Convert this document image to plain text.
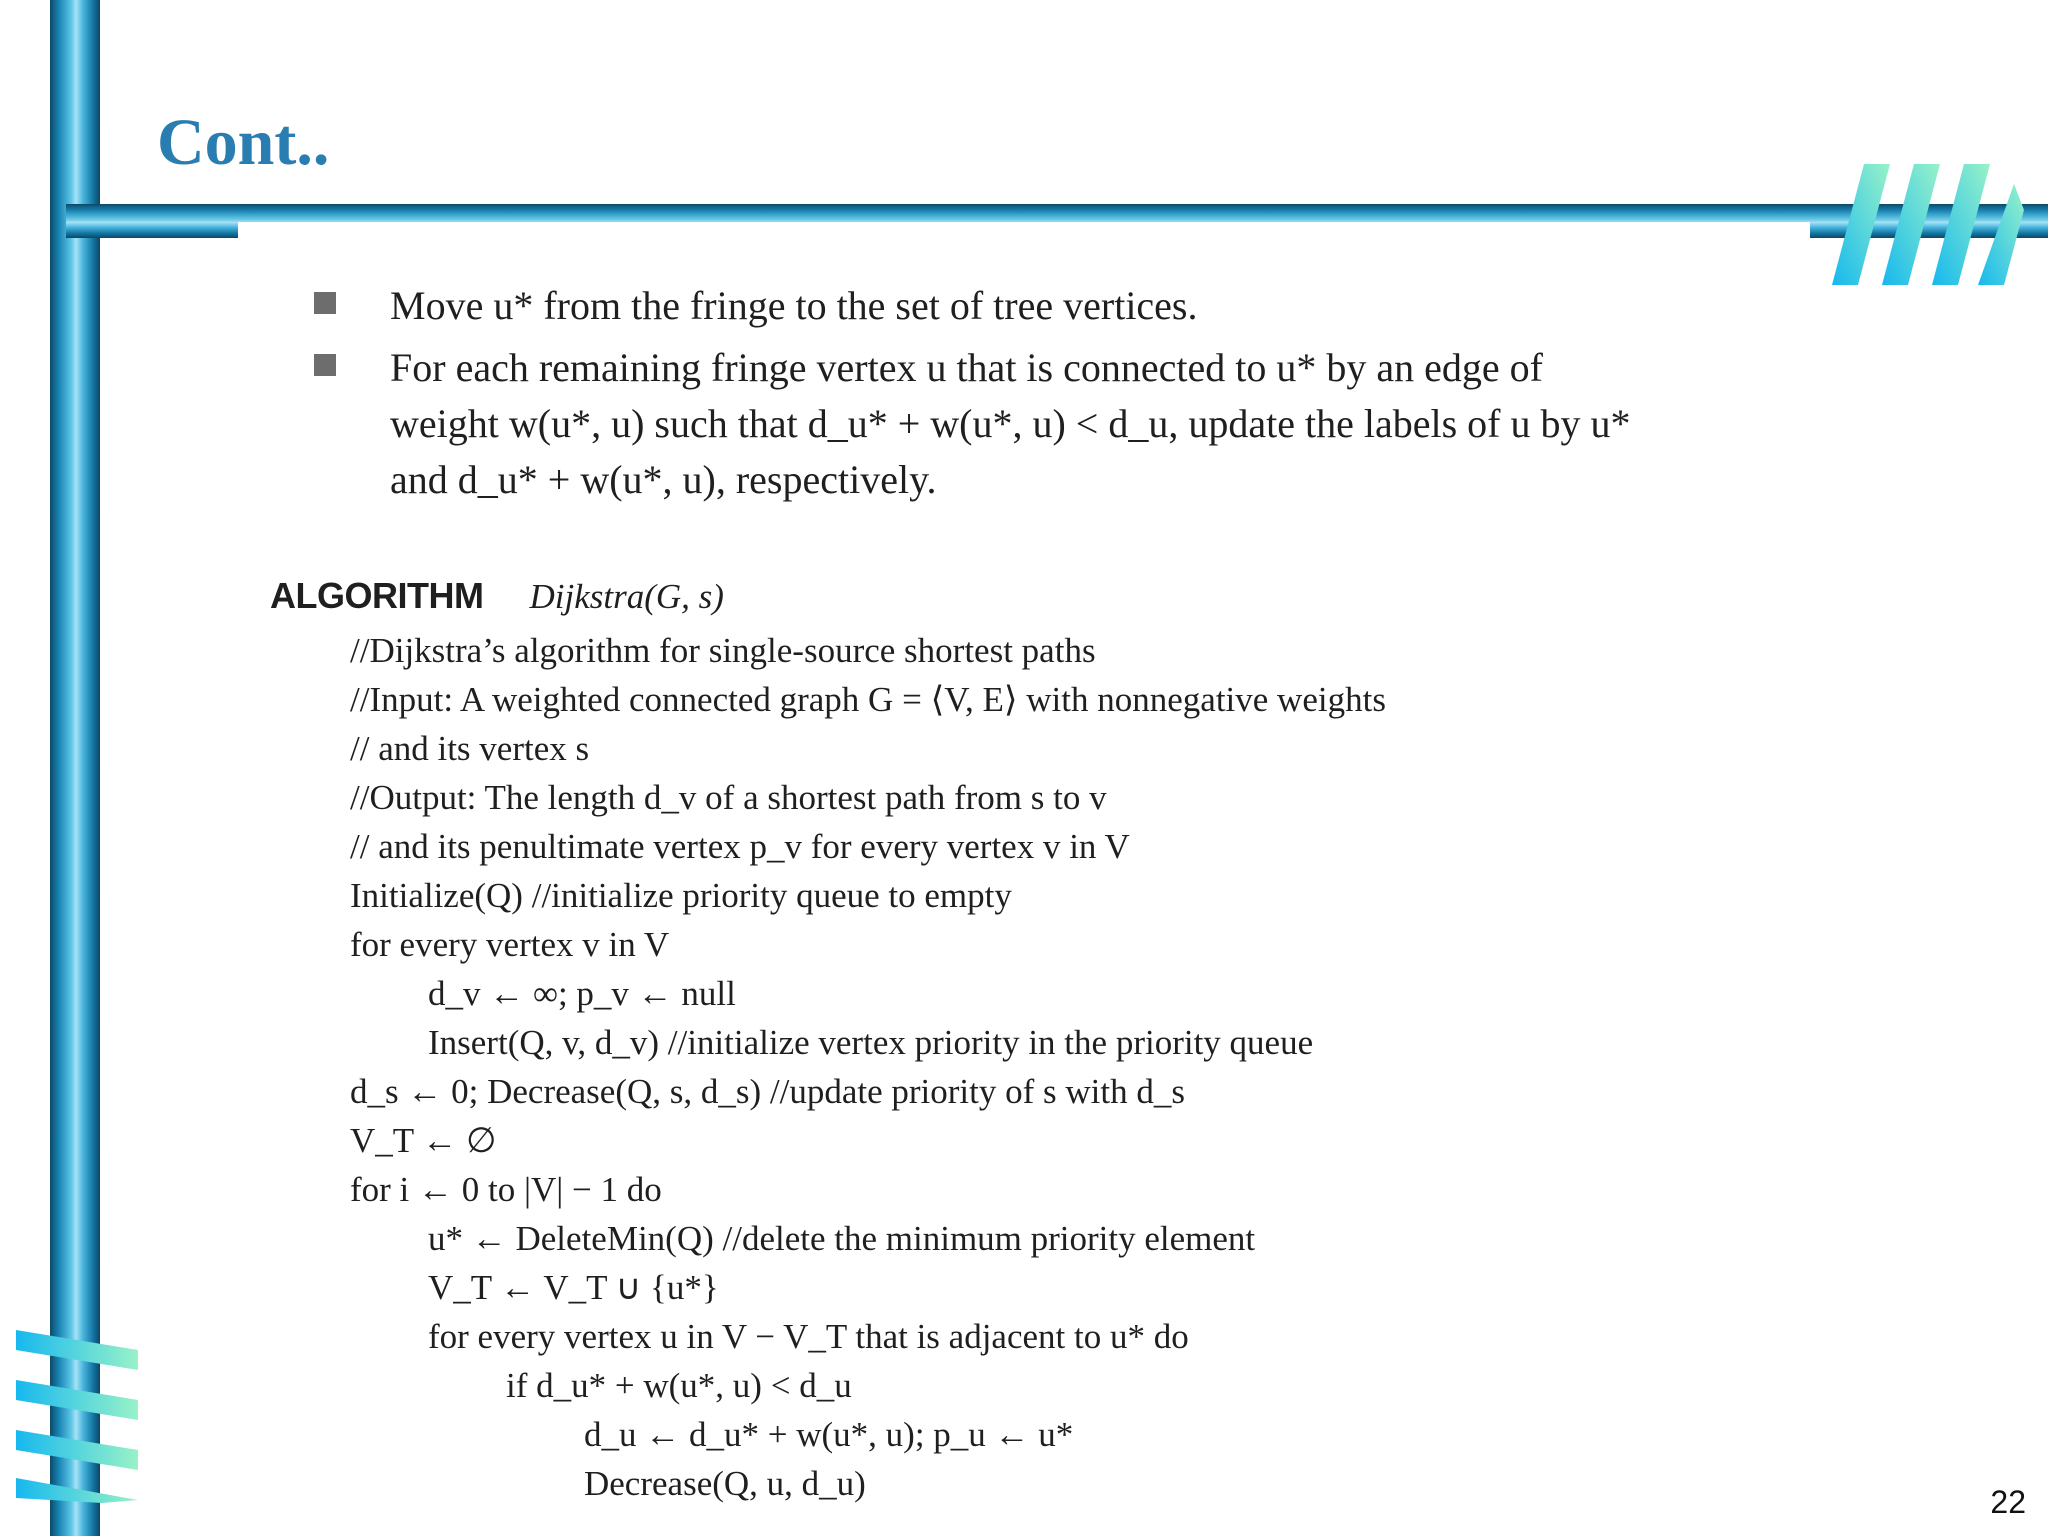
Cont..
Move u* from the fringe to the set of tree vertices.
For each remaining fringe vertex u that is connected to u* by an edge of
weight w(u*, u) such that d_u* + w(u*, u) < d_u, update the labels of u by u*
and d_u* + w(u*, u), respectively.
ALGORITHM Dijkstra(G, s)
//Dijkstra’s algorithm for single-source shortest paths
//Input: A weighted connected graph G = ⟨V, E⟩ with nonnegative weights
// and its vertex s
//Output: The length d_v of a shortest path from s to v
// and its penultimate vertex p_v for every vertex v in V
Initialize(Q) //initialize priority queue to empty
for every vertex v in V
d_v ← ∞; p_v ← null
Insert(Q, v, d_v) //initialize vertex priority in the priority queue
d_s ← 0; Decrease(Q, s, d_s) //update priority of s with d_s
V_T ← ∅
for i ← 0 to |V| − 1 do
u* ← DeleteMin(Q) //delete the minimum priority element
V_T ← V_T ∪ {u*}
for every vertex u in V − V_T that is adjacent to u* do
if d_u* + w(u*, u) < d_u
d_u ← d_u* + w(u*, u); p_u ← u*
Decrease(Q, u, d_u)	22
